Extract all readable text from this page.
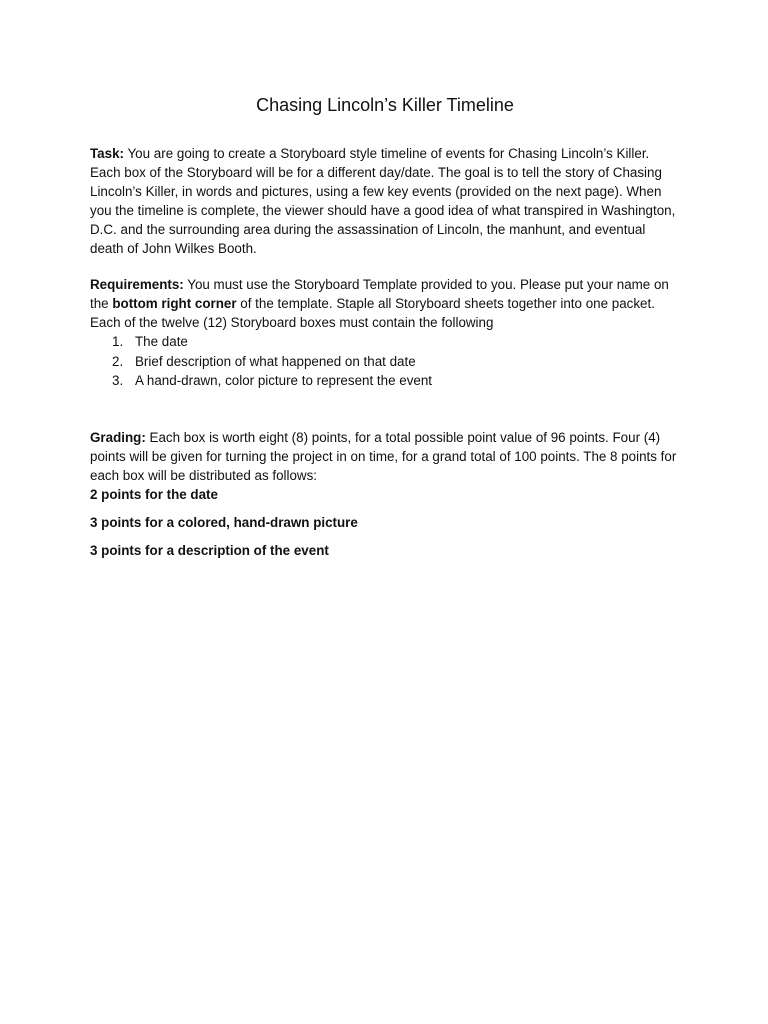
Chasing Lincoln’s Killer Timeline

Task: You are going to create a Storyboard style timeline of events for Chasing Lincoln’s Killer. Each box of the Storyboard will be for a different day/date. The goal is to tell the story of Chasing Lincoln’s Killer, in words and pictures, using a few key events (provided on the next page). When you the timeline is complete, the viewer should have a good idea of what transpired in Washington, D.C. and the surrounding area during the assassination of Lincoln, the manhunt, and eventual death of John Wilkes Booth.

Requirements: You must use the Storyboard Template provided to you. Please put your name on the bottom right corner of the template. Staple all Storyboard sheets together into one packet. Each of the twelve (12) Storyboard boxes must contain the following

1. The date
2. Brief description of what happened on that date
3. A hand-drawn, color picture to represent the event

Grading: Each box is worth eight (8) points, for a total possible point value of 96 points. Four (4) points will be given for turning the project in on time, for a grand total of 100 points. The 8 points for each box will be distributed as follows:

2 points for the date

3 points for a colored, hand-drawn picture

3 points for a description of the event
